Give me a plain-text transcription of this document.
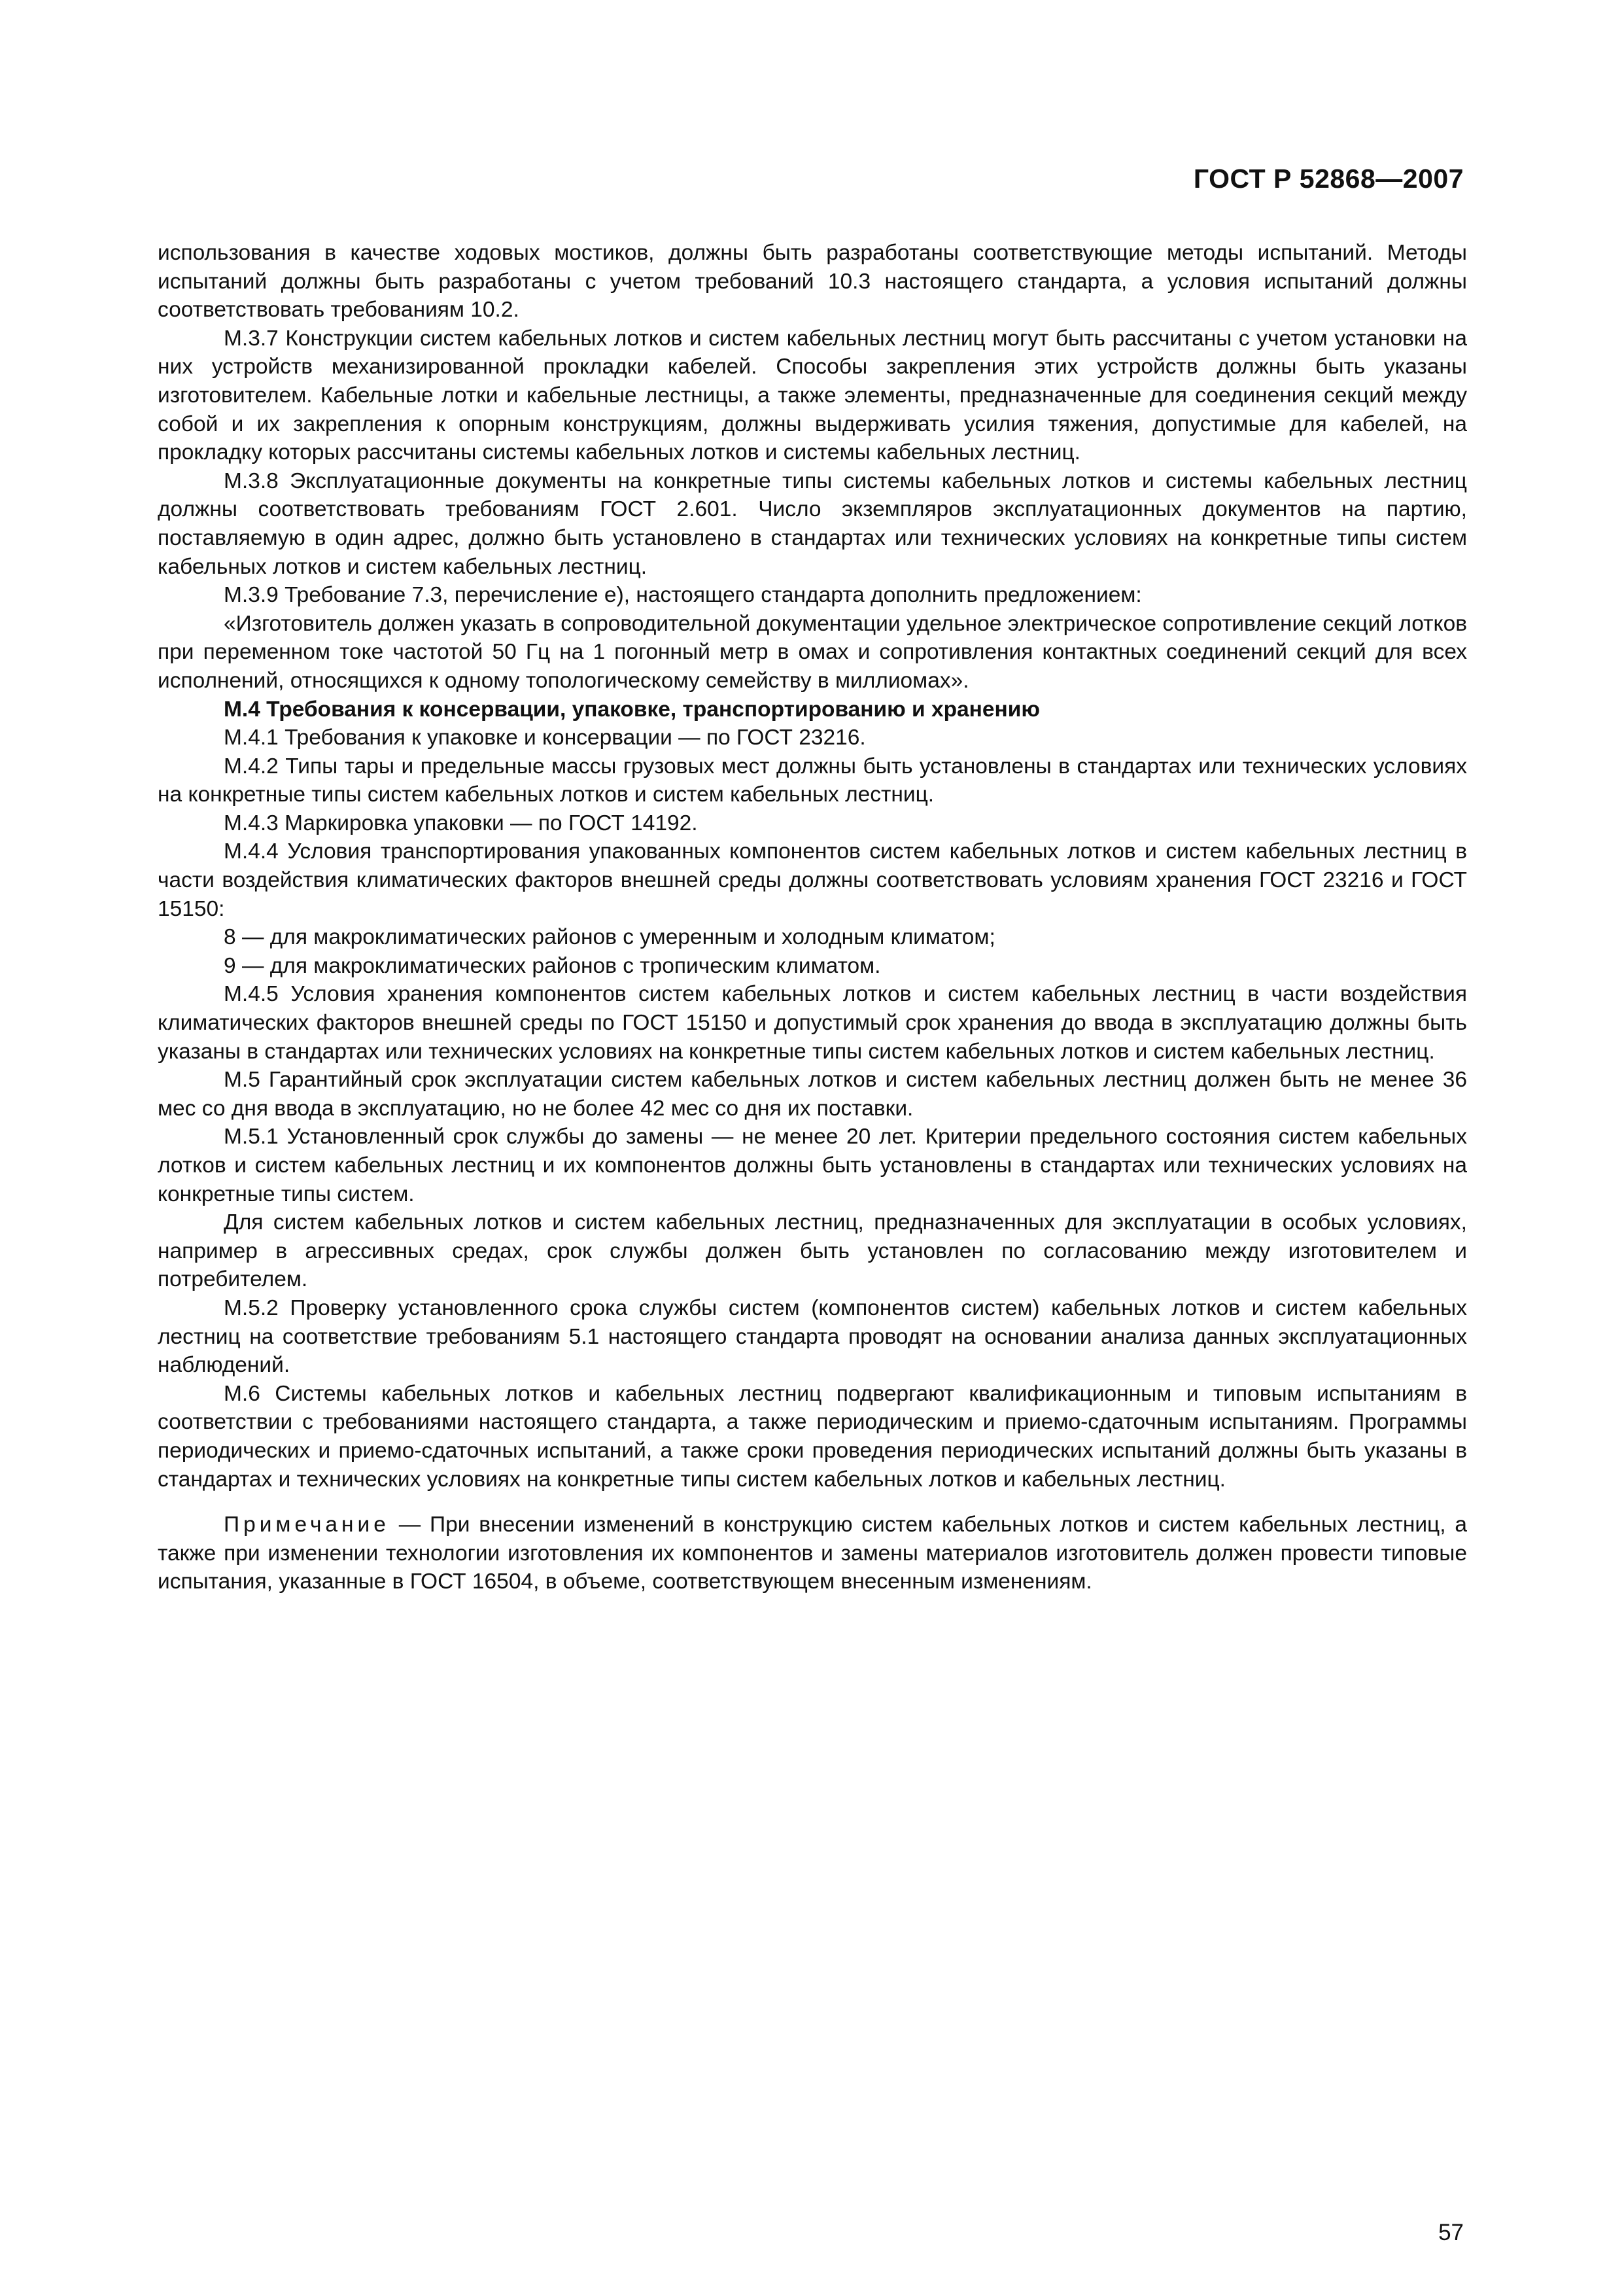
ГОСТ Р 52868—2007

использования в качестве ходовых мостиков, должны быть разработаны соответствующие методы испытаний. Методы испытаний должны быть разработаны с учетом требований 10.3 настоящего стандарта, а условия испытаний должны соответствовать требованиям 10.2.

М.3.7 Конструкции систем кабельных лотков и систем кабельных лестниц могут быть рассчитаны с учетом установки на них устройств механизированной прокладки кабелей. Способы закрепления этих устройств должны быть указаны изготовителем. Кабельные лотки и кабельные лестницы, а также элементы, предназначенные для соединения секций между собой и их закрепления к опорным конструкциям, должны выдерживать усилия тяжения, допустимые для кабелей, на прокладку которых рассчитаны системы кабельных лотков и системы кабельных лестниц.

М.3.8 Эксплуатационные документы на конкретные типы системы кабельных лотков и системы кабельных лестниц должны соответствовать требованиям ГОСТ 2.601. Число экземпляров эксплуатационных документов на партию, поставляемую в один адрес, должно быть установлено в стандартах или технических условиях на конкретные типы систем кабельных лотков и систем кабельных лестниц.

М.3.9 Требование 7.3, перечисление е), настоящего стандарта дополнить предложением:

«Изготовитель должен указать в сопроводительной документации удельное электрическое сопротивление секций лотков при переменном токе частотой 50 Гц на 1 погонный метр в омах и сопротивления контактных соединений секций для всех исполнений, относящихся к одному топологическому семейству в миллиомах».

М.4 Требования к консервации, упаковке, транспортированию и хранению

М.4.1 Требования к упаковке и консервации — по ГОСТ 23216.

М.4.2 Типы тары и предельные массы грузовых мест должны быть установлены в стандартах или технических условиях на конкретные типы систем кабельных лотков и систем кабельных лестниц.

М.4.3 Маркировка упаковки — по ГОСТ 14192.

М.4.4 Условия транспортирования упакованных компонентов систем кабельных лотков и систем кабельных лестниц в части воздействия климатических факторов внешней среды должны соответствовать условиям хранения ГОСТ 23216 и ГОСТ 15150:

8 — для макроклиматических районов с умеренным и холодным климатом;

9 — для макроклиматических районов с тропическим климатом.

М.4.5 Условия хранения компонентов систем кабельных лотков и систем кабельных лестниц в части воздействия климатических факторов внешней среды по ГОСТ 15150 и допустимый срок хранения до ввода в эксплуатацию должны быть указаны в стандартах или технических условиях на конкретные типы систем кабельных лотков и систем кабельных лестниц.

М.5 Гарантийный срок эксплуатации систем кабельных лотков и систем кабельных лестниц должен быть не менее 36 мес со дня ввода в эксплуатацию, но не более 42 мес со дня их поставки.

М.5.1 Установленный срок службы до замены — не менее 20 лет. Критерии предельного состояния систем кабельных лотков и систем кабельных лестниц и их компонентов должны быть установлены в стандартах или технических условиях на конкретные типы систем.

Для систем кабельных лотков и систем кабельных лестниц, предназначенных для эксплуатации в особых условиях, например в агрессивных средах, срок службы должен быть установлен по согласованию между изготовителем и потребителем.

М.5.2 Проверку установленного срока службы систем (компонентов систем) кабельных лотков и систем кабельных лестниц на соответствие требованиям 5.1 настоящего стандарта проводят на основании анализа данных эксплуатационных наблюдений.

М.6 Системы кабельных лотков и кабельных лестниц подвергают квалификационным и типовым испытаниям в соответствии с требованиями настоящего стандарта, а также периодическим и приемо-сдаточным испытаниям. Программы периодических и приемо-сдаточных испытаний, а также сроки проведения периодических испытаний должны быть указаны в стандартах и технических условиях на конкретные типы систем кабельных лотков и кабельных лестниц.

Примечание — При внесении изменений в конструкцию систем кабельных лотков и систем кабельных лестниц, а также при изменении технологии изготовления их компонентов и замены материалов изготовитель должен провести типовые испытания, указанные в ГОСТ 16504, в объеме, соответствующем внесенным изменениям.

57
